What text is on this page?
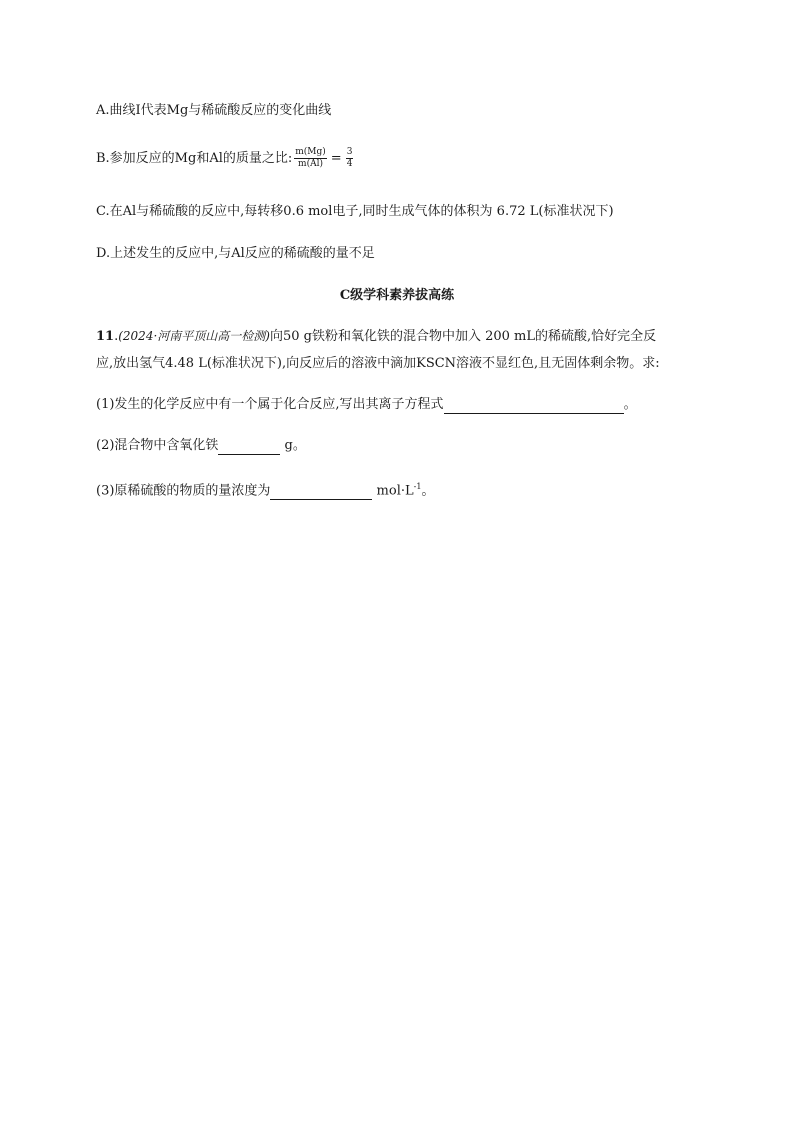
A.曲线Ⅰ代表Mg与稀硫酸反应的变化曲线
B.参加反应的Mg和Al的质量之比: $\frac{m(Mg)}{m(Al)} = \frac{3}{4}$
C.在Al与稀硫酸的反应中,每转移0.6 mol电子,同时生成气体的体积为 6.72 L(标准状况下)
D.上述发生的反应中,与Al反应的稀硫酸的量不足
C级学科素养拔高练
11.(2024·河南平顶山高一检测)向50 g铁粉和氧化铁的混合物中加入 200 mL的稀硫酸,恰好完全反
应,放出氢气4.48 L(标准状况下),向反应后的溶液中滴加KSCN溶液不显红色,且无固体剩余物。求:
(1)发生的化学反应中有一个属于化合反应,写出其离子方程式	。
(2)混合物中含氧化铁	g。
(3)原稀硫酸的物质的量浓度为	$mol\cdot L^{-1}$。
